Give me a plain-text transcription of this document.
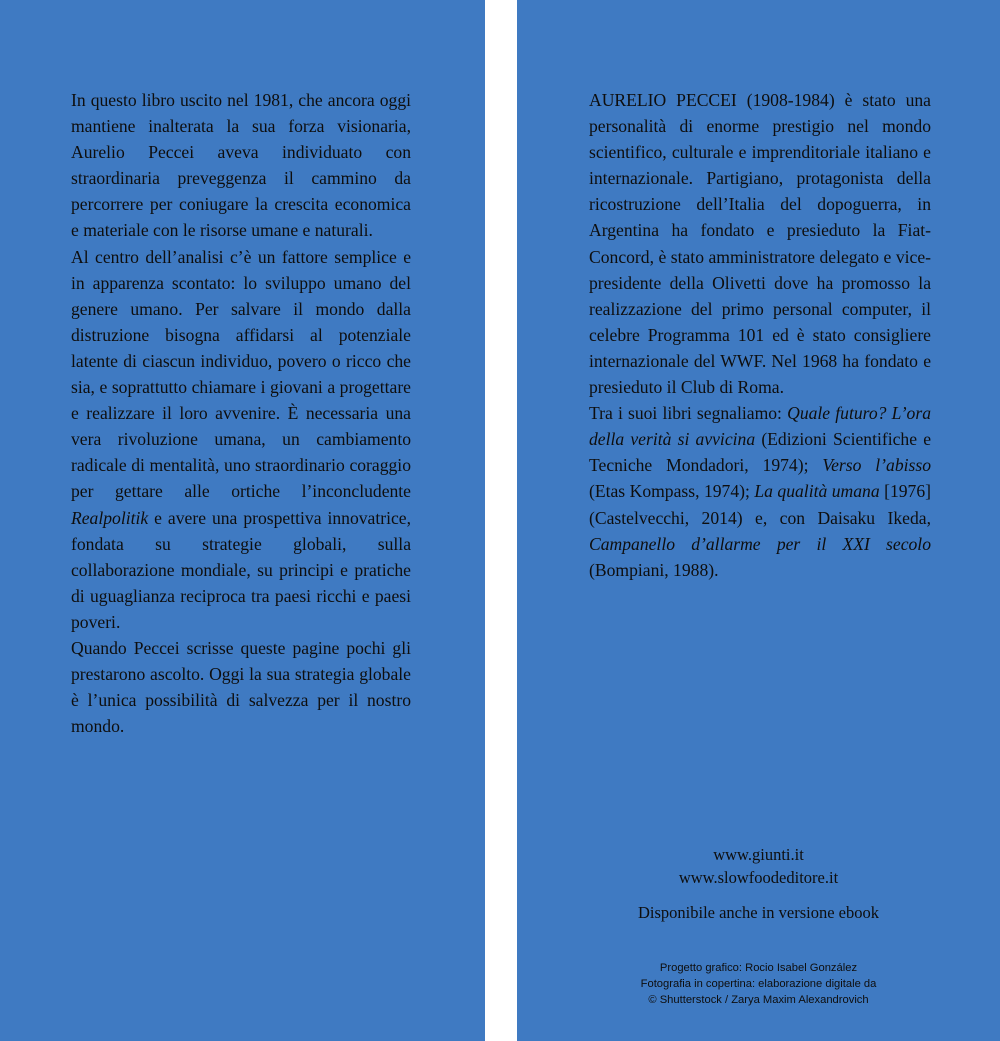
In questo libro uscito nel 1981, che ancora oggi mantiene inalterata la sua forza visionaria, Aurelio Peccei aveva individuato con straordinaria preveggenza il cammino da percorrere per coniugare la crescita economica e materiale con le risorse umane e naturali.

Al centro dell’analisi c’è un fattore semplice e in apparenza scontato: lo sviluppo umano del genere umano. Per salvare il mondo dalla distruzione bisogna affidarsi al potenziale latente di ciascun individuo, povero o ricco che sia, e soprattutto chiamare i giovani a progettare e realizzare il loro avvenire. È necessaria una vera rivoluzione umana, un cambiamento radicale di mentalità, uno straordinario coraggio per gettare alle ortiche l’inconcludente Realpolitik e avere una prospettiva innovatrice, fondata su strategie globali, sulla collaborazione mondiale, su principi e pratiche di uguaglianza reciproca tra paesi ricchi e paesi poveri.

Quando Peccei scrisse queste pagine pochi gli prestarono ascolto. Oggi la sua strategia globale è l’unica possibilità di salvezza per il nostro mondo.

AURELIO PECCEI (1908-1984) è stato una personalità di enorme prestigio nel mondo scientifico, culturale e imprenditoriale italiano e internazionale. Partigiano, protagonista della ricostruzione dell’Italia del dopoguerra, in Argentina ha fondato e presieduto la Fiat-Concord, è stato amministratore delegato e vice-presidente della Olivetti dove ha promosso la realizzazione del primo personal computer, il celebre Programma 101 ed è stato consigliere internazionale del WWF. Nel 1968 ha fondato e presieduto il Club di Roma.

Tra i suoi libri segnaliamo: Quale futuro? L’ora della verità si avvicina (Edizioni Scientifiche e Tecniche Mondadori, 1974); Verso l’abisso (Etas Kompass, 1974); La qualità umana [1976] (Castelvecchi, 2014) e, con Daisaku Ikeda, Campanello d’allarme per il XXI secolo (Bompiani, 1988).

www.giunti.it
www.slowfoodeditore.it
Disponibile anche in versione ebook
Progetto grafico: Rocio Isabel González
Fotografia in copertina: elaborazione digitale da
© Shutterstock / Zarya Maxim Alexandrovich
